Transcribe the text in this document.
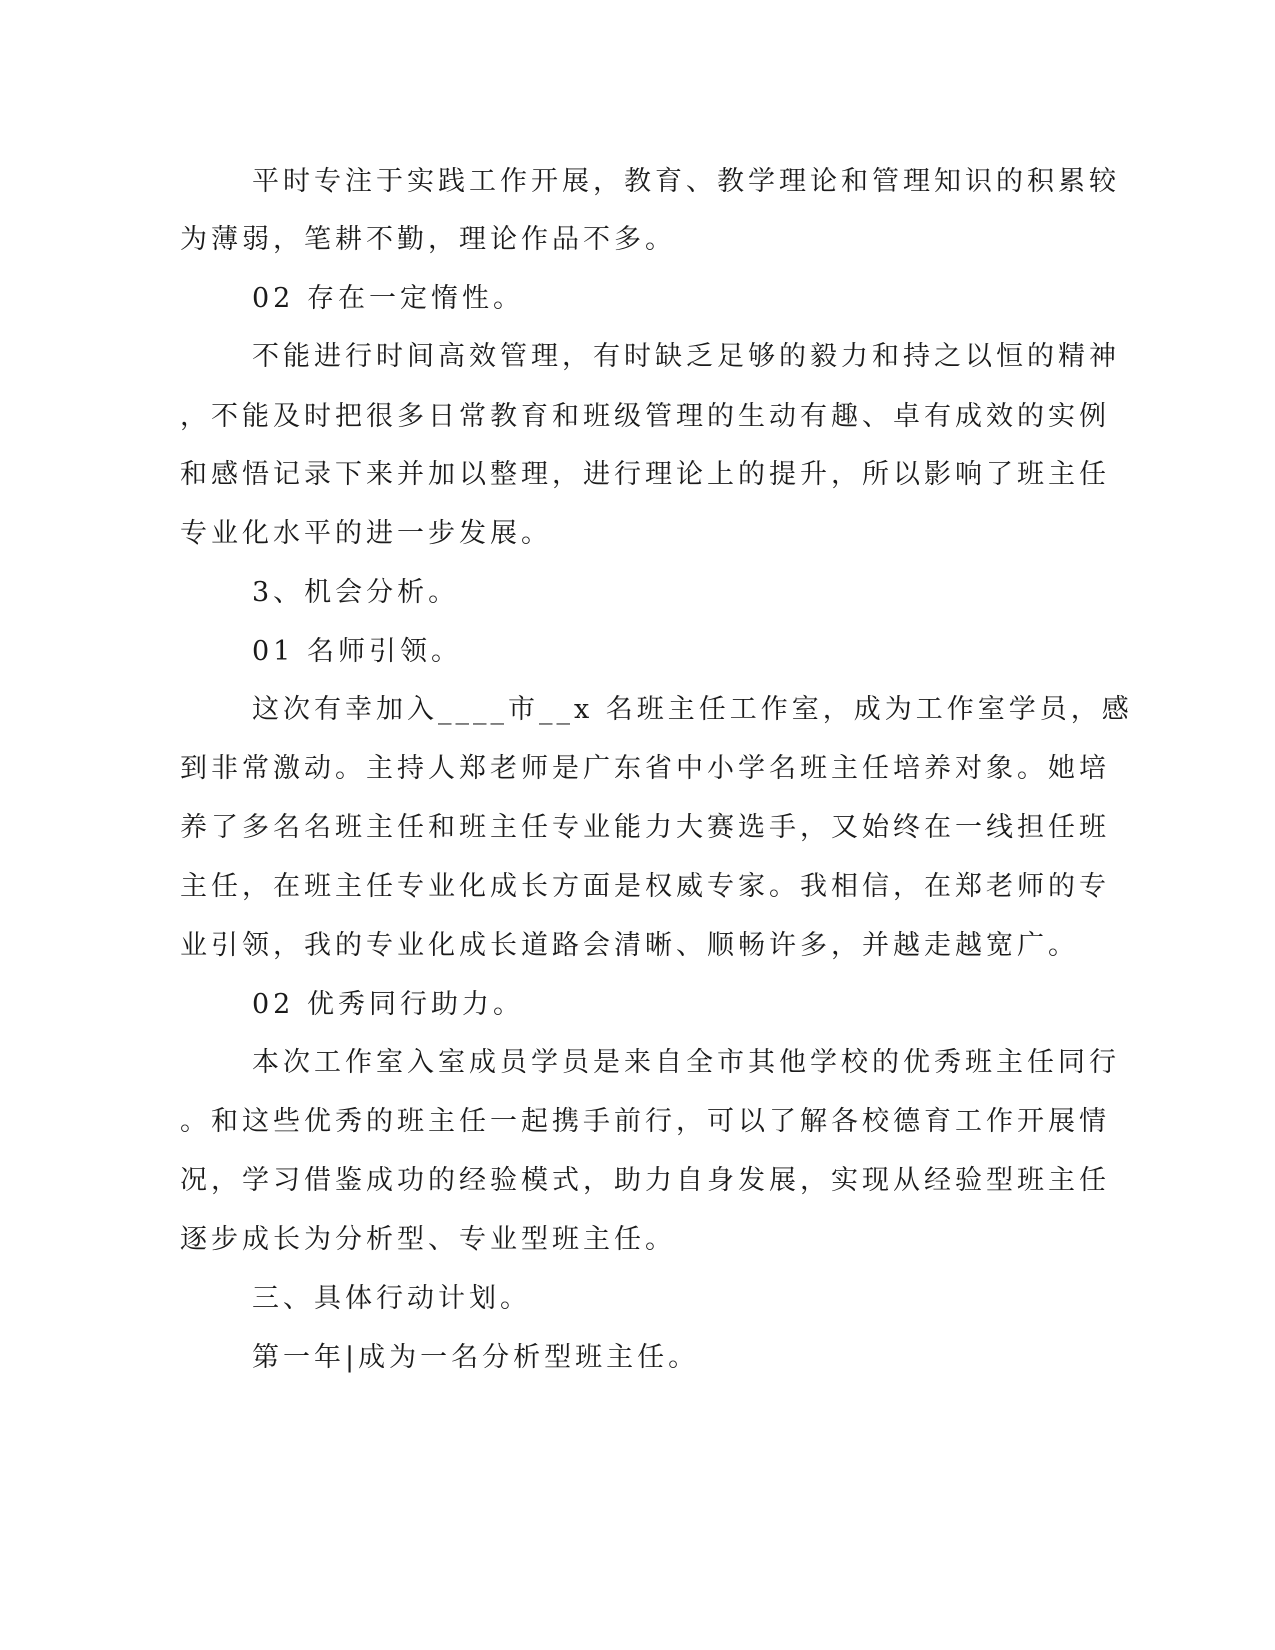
平时专注于实践工作开展，教育、教学理论和管理知识的积累较

为薄弱，笔耕不勤，理论作品不多。

02 存在一定惰性。

不能进行时间高效管理，有时缺乏足够的毅力和持之以恒的精神

，不能及时把很多日常教育和班级管理的生动有趣、卓有成效的实例

和感悟记录下来并加以整理，进行理论上的提升，所以影响了班主任

专业化水平的进一步发展。

3、机会分析。

01 名师引领。

这次有幸加入____市__x 名班主任工作室，成为工作室学员，感

到非常激动。主持人郑老师是广东省中小学名班主任培养对象。她培

养了多名名班主任和班主任专业能力大赛选手，又始终在一线担任班

主任，在班主任专业化成长方面是权威专家。我相信，在郑老师的专

业引领，我的专业化成长道路会清晰、顺畅许多，并越走越宽广。

02 优秀同行助力。

本次工作室入室成员学员是来自全市其他学校的优秀班主任同行

。和这些优秀的班主任一起携手前行，可以了解各校德育工作开展情

况，学习借鉴成功的经验模式，助力自身发展，实现从经验型班主任

逐步成长为分析型、专业型班主任。

三、具体行动计划。

第一年|成为一名分析型班主任。
